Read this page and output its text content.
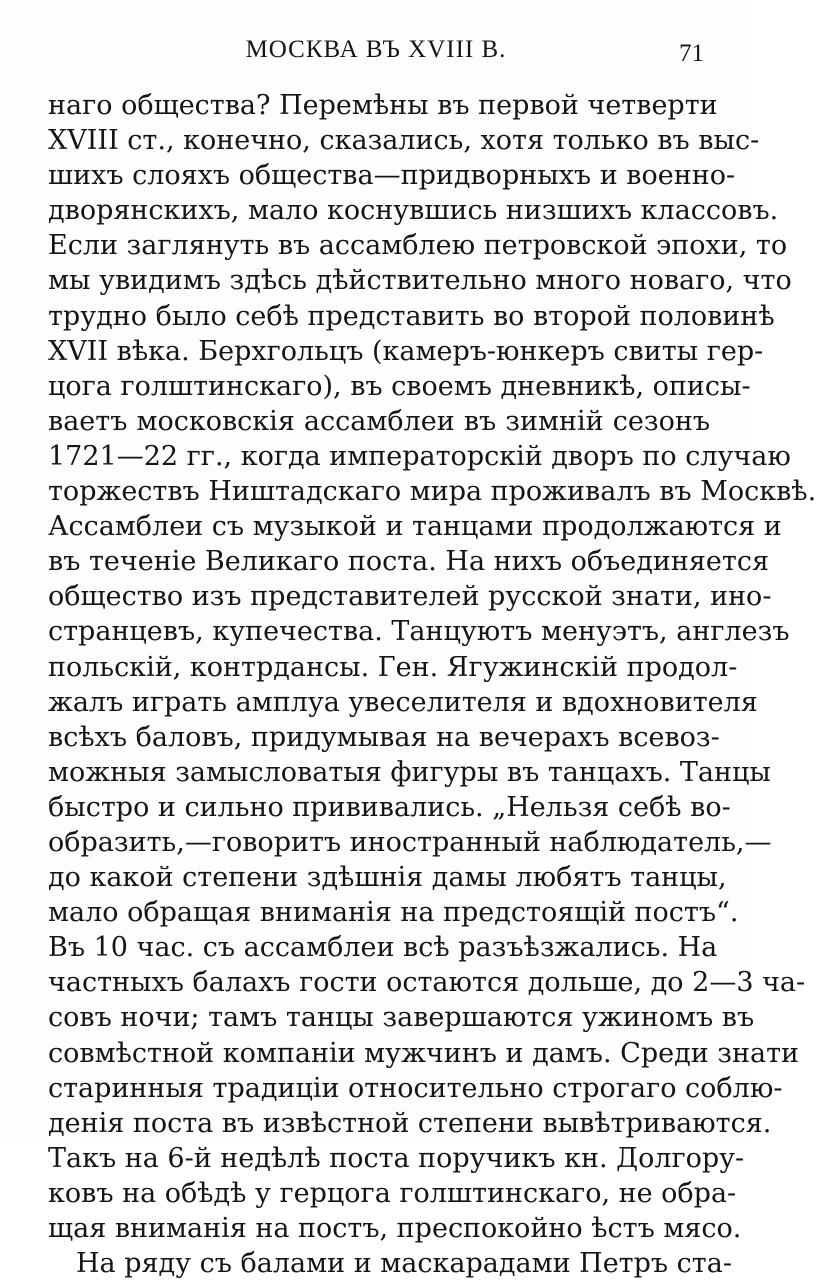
МОСКВА ВЪ XVIII В.	71
наго общества? Перемѣны въ первой четверти
XVIII ст., конечно, сказались, хотя только въ выс-
шихъ слояхъ общества—придворныхъ и военно-
дворянскихъ, мало коснувшись низшихъ классовъ.
Если заглянуть въ ассамблею петровской эпохи, то
мы увидимъ здѣсь дѣйствительно много новаго, что
трудно было себѣ представить во второй половинѣ
XVII вѣка. Берхгольцъ (камеръ-юнкеръ свиты гер-
цога голштинскаго), въ своемъ дневникѣ, описы-
ваетъ московскія ассамблеи въ зимній сезонъ
1721—22 гг., когда императорскій дворъ по случаю
торжествъ Ништадскаго мира проживалъ въ Москвѣ.
Ассамблеи съ музыкой и танцами продолжаются и
въ теченіе Великаго поста. На нихъ объединяется
общество изъ представителей русской знати, ино-
странцевъ, купечества. Танцуютъ менуэтъ, англезъ
польскій, контрдансы. Ген. Ягужинскій продол-
жалъ играть амплуа увеселителя и вдохновителя
всѣхъ баловъ, придумывая на вечерахъ всевоз-
можныя замысловатыя фигуры въ танцахъ. Танцы
быстро и сильно прививались. „Нельзя себѣ во-
образить,—говоритъ иностранный наблюдатель,—
до какой степени здѣшнія дамы любятъ танцы,
мало обращая вниманія на предстоящій постъ“.
Въ 10 час. съ ассамблеи всѣ разъѣзжались. На
частныхъ балахъ гости остаются дольше, до 2—3 ча-
совъ ночи; тамъ танцы завершаются ужиномъ въ
совмѣстной компаніи мужчинъ и дамъ. Среди знати
старинныя традиціи относительно строгаго соблю-
денія поста въ извѣстной степени вывѣтриваются.
Такъ на 6-й недѣлѣ поста поручикъ кн. Долгору-
ковъ на обѣдѣ у герцога голштинскаго, не обра-
щая вниманія на постъ, преспокойно ѣстъ мясо.
На ряду съ балами и маскарадами Петръ ста-
